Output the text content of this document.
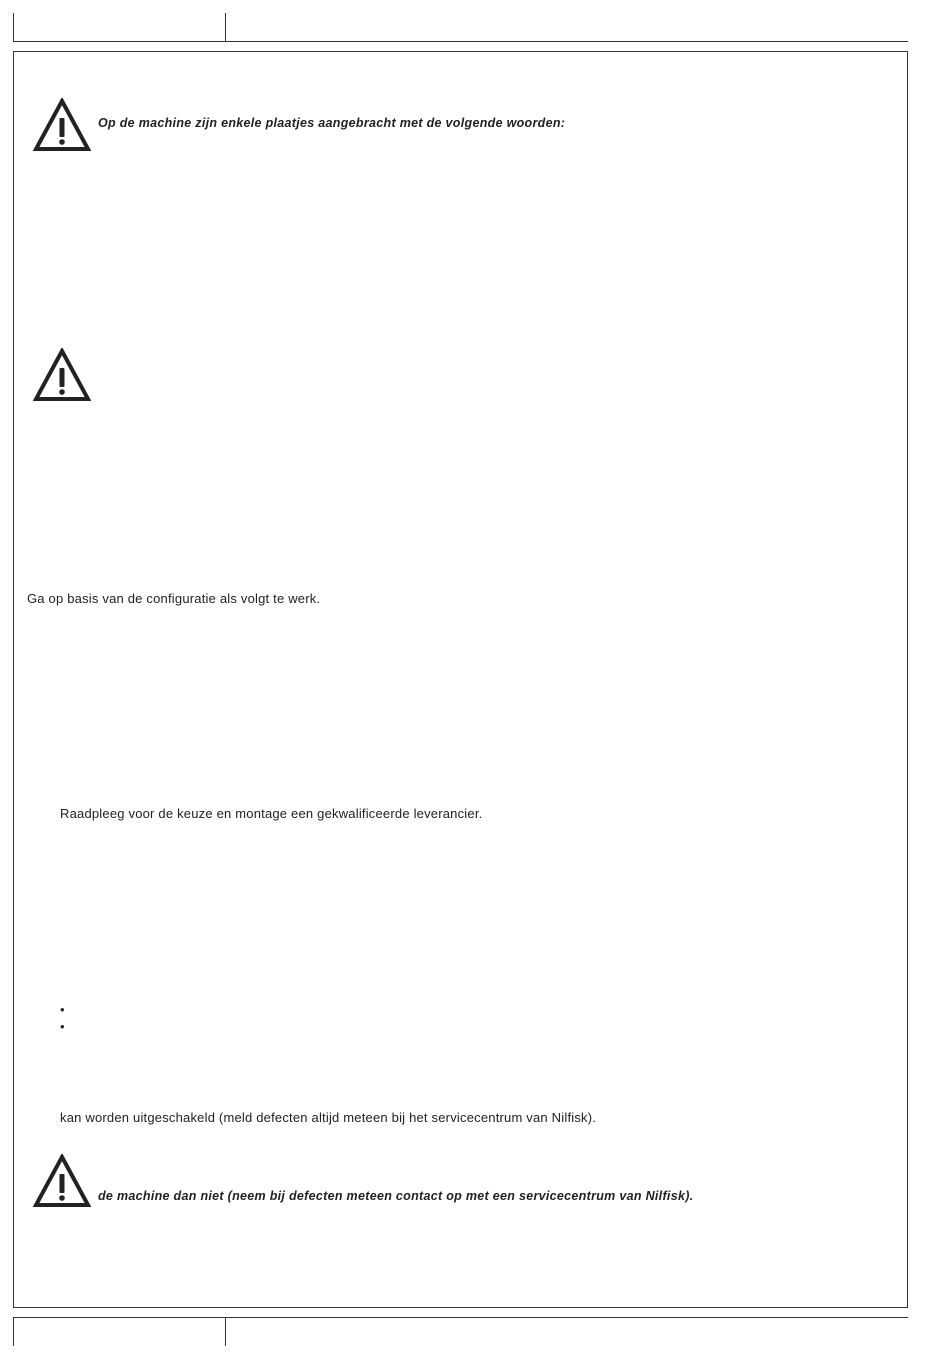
Op de machine zijn enkele plaatjes aangebracht met de volgende woorden:
Ga op basis van de configuratie als volgt te werk.
Raadpleeg voor de keuze en montage een gekwalificeerde leverancier.
•
•
kan worden uitgeschakeld (meld defecten altijd meteen bij het servicecentrum van Nilfisk).
de machine dan niet (neem bij defecten meteen contact op met een servicecentrum van Nilfisk).
